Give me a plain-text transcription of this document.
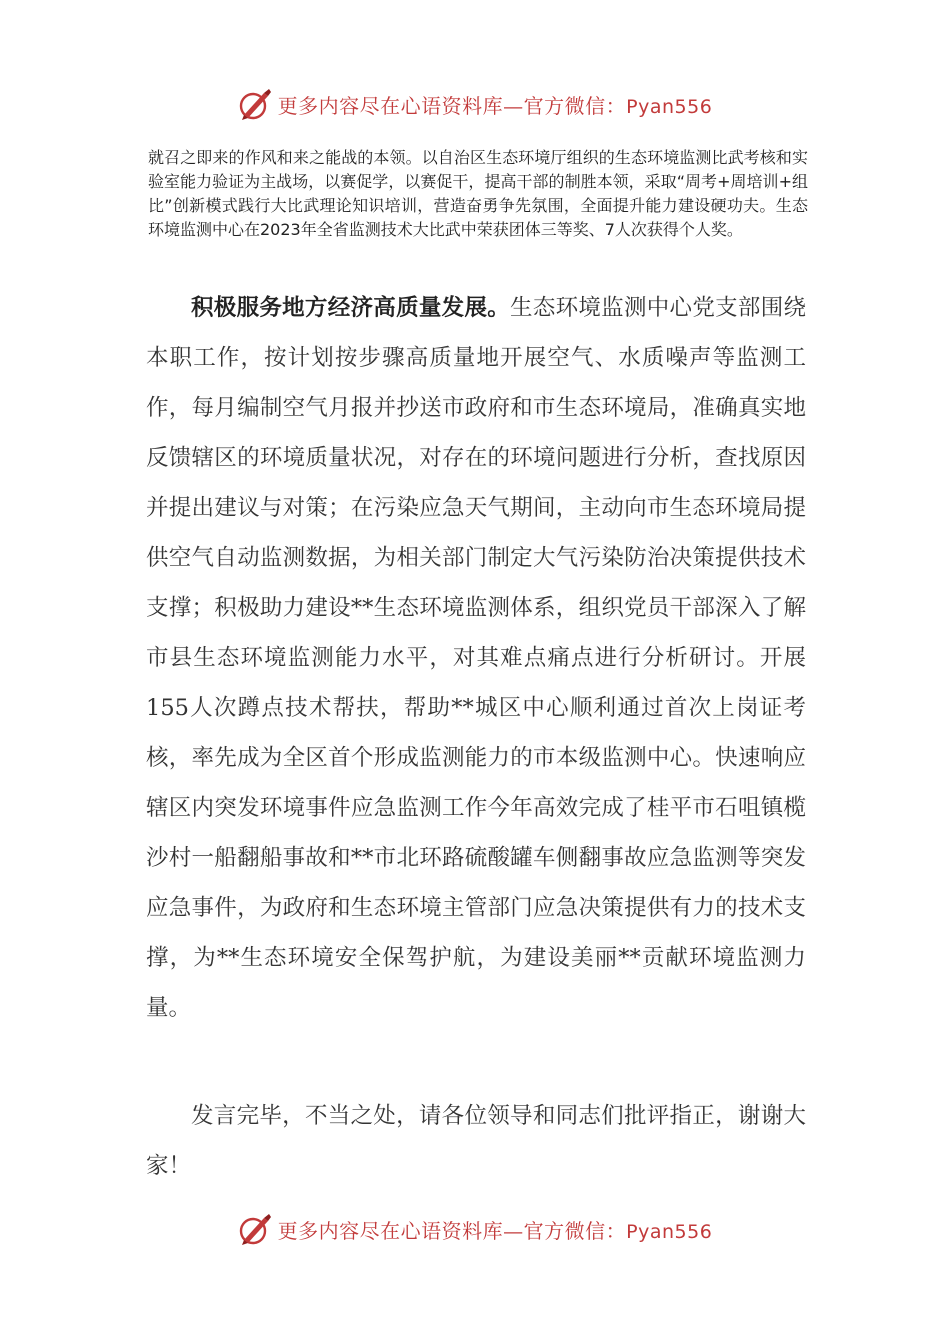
更多内容尽在心语资料库—官方微信：Pyan556
就召之即来的作风和来之能战的本领。以自治区生态环境厅组织的生态环境监测比武考核和实验室能力验证为主战场，以赛促学，以赛促干，提高干部的制胜本领，采取“周考+周培训+组比”创新模式践行大比武理论知识培训，营造奋勇争先氛围，全面提升能力建设硬功夫。生态环境监测中心在2023年全省监测技术大比武中荣获团体三等奖、7人次获得个人奖。
积极服务地方经济高质量发展。生态环境监测中心党支部围绕本职工作，按计划按步骤高质量地开展空气、水质噪声等监测工作，每月编制空气月报并抄送市政府和市生态环境局，准确真实地反馈辖区的环境质量状况，对存在的环境问题进行分析，查找原因并提出建议与对策；在污染应急天气期间，主动向市生态环境局提供空气自动监测数据，为相关部门制定大气污染防治决策提供技术支撑；积极助力建设**生态环境监测体系，组织党员干部深入了解市县生态环境监测能力水平，对其难点痛点进行分析研讨。开展155人次蹲点技术帮扶，帮助**城区中心顺利通过首次上岗证考核，率先成为全区首个形成监测能力的市本级监测中心。快速响应辖区内突发环境事件应急监测工作今年高效完成了桂平市石咀镇榄沙村一船翻船事故和**市北环路硫酸罐车侧翻事故应急监测等突发应急事件，为政府和生态环境主管部门应急决策提供有力的技术支撑，为**生态环境安全保驾护航，为建设美丽**贡献环境监测力量。
发言完毕，不当之处，请各位领导和同志们批评指正，谢谢大家！
更多内容尽在心语资料库—官方微信：Pyan556
